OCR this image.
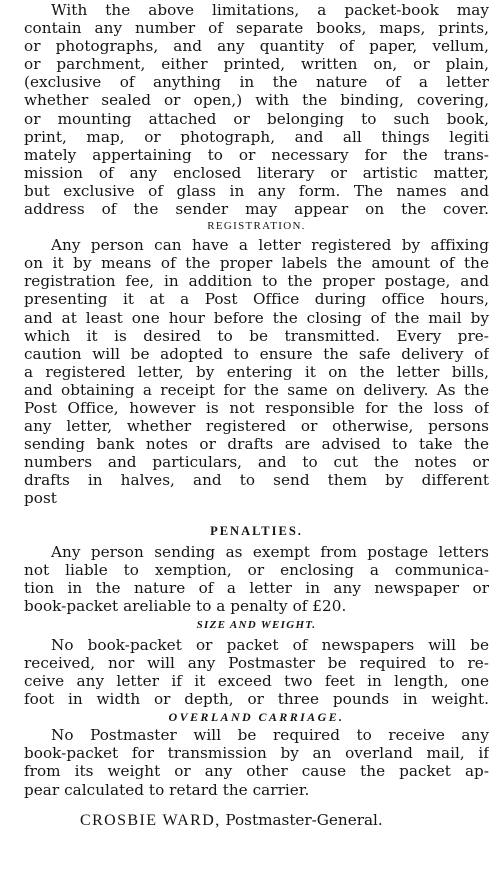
With the above limitations, a packet-book may
contain any number of separate books, maps, prints,
or photographs, and any quantity of paper, vellum,
or parchment, either printed, written on, or plain,
(exclusive of anything in the nature of a letter
whether sealed or open,) with the binding, covering,
or mounting attached or belonging to such book,
print, map, or photograph, and all things legiti
mately appertaining to or necessary for the trans-
mission of any enclosed literary or artistic matter,
but exclusive of glass in any form. The names and
address of the sender may appear on the cover.
REGISTRATION.
Any person can have a letter registered by affixing
on it by means of the proper labels the amount of the
registration fee, in addition to the proper postage, and
presenting it at a Post Office during office hours,
and at least one hour before the closing of the mail by
which it is desired to be transmitted. Every pre-
caution will be adopted to ensure the safe delivery of
a registered letter, by entering it on the letter bills,
and obtaining a receipt for the same on delivery. As the
Post Office, however is not responsible for the loss of
any letter, whether registered or otherwise, persons
sending bank notes or drafts are advised to take the
numbers and particulars, and to cut the notes or
drafts in halves, and to send them by different
post
PENALTIES.
Any person sending as exempt from postage letters
not liable to xemption, or enclosing a communica-
tion in the nature of a letter in any newspaper or
book-packet areliable to a penalty of £20.
SIZE AND WEIGHT.
No book-packet or packet of newspapers will be
received, nor will any Postmaster be required to re-
ceive any letter if it exceed two feet in length, one
foot in width or depth, or three pounds in weight.
OVERLAND CARRIAGE.
No Postmaster will be required to receive any
book-packet for transmission by an overland mail, if
from its weight or any other cause the packet ap-
pear calculated to retard the carrier.
CROSBIE WARD, Postmaster-General.
